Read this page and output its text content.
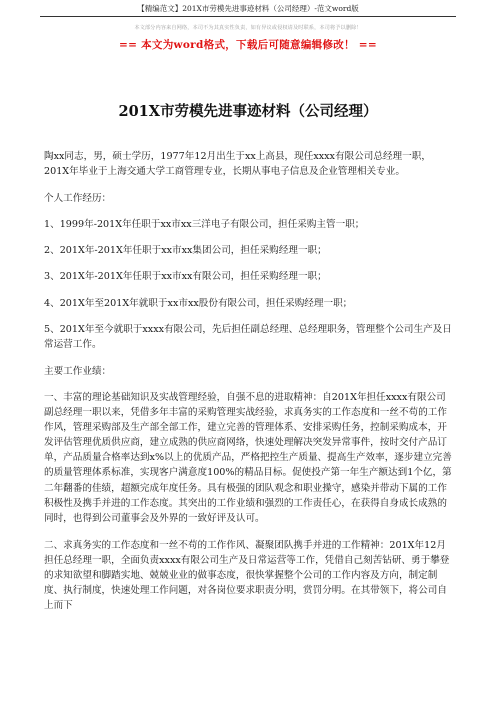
【精编范文】201X市劳模先进事迹材料（公司经理）-范文word版
本文部分内容来自网络，本司不为其真实性负责，如有异议或侵权请及时联系，本司将予以删除！
== 本文为word格式，下载后可随意编辑修改！ ==
201X市劳模先进事迹材料（公司经理）

陶xx同志，男，硕士学历，1977年12月出生于xx上高县，现任xxxx有限公司总经理一职，201X年毕业于上海交通大学工商管理专业，长期从事电子信息及企业管理相关专业。

个人工作经历：

1、1999年-201X年任职于xx市xx三洋电子有限公司，担任采购主管一职；

2、201X年-201X年任职于xx市xx集团公司，担任采购经理一职；

3、201X年-201X年任职于xx市xx有限公司，担任采购经理一职；

4、201X年至201X年就职于xx市xx股份有限公司，担任采购经理一职；

5、201X年至今就职于xxxx有限公司，先后担任副总经理、总经理职务，管理整个公司生产及日常运营工作。

主要工作业绩：

一、丰富的理论基础知识及实战管理经验，自强不息的进取精神：自201X年担任xxxx有限公司副总经理一职以来，凭借多年丰富的采购管理实战经验，求真务实的工作态度和一丝不苟的工作作风，管理采购部及生产部全部工作，建立完善的管理体系、安排采购任务，控制采购成本，开发评估管理优质供应商，建立成熟的供应商网络，快速处理解决突发异常事件，按时交付产品订单，产品质量合格率达到x%以上的优质产品，严格把控生产质量、提高生产效率，逐步建立完善的质量管理体系标准，实现客户满意度100%的精品目标。促使投产第一年生产额达到1个亿，第二年翻番的佳绩，超额完成年度任务。具有极强的团队观念和职业操守，感染并带动下属的工作积极性及携手并进的工作态度。其突出的工作业绩和强烈的工作责任心，在获得自身成长成熟的同时，也得到公司董事会及外界的一致好评及认可。

二、求真务实的工作态度和一丝不苟的工作作风、凝聚团队携手并进的工作精神：201X年12月担任总经理一职，全面负责xxxx有限公司生产及日常运营等工作，凭借自己刻苦钻研、勇于攀登的求知欲望和脚踏实地、兢兢业业的做事态度，很快掌握整个公司的工作内容及方向，制定制度、执行制度，快速处理工作问题，对各岗位要求职责分明，赏罚分明。在其带领下，将公司自上而下
